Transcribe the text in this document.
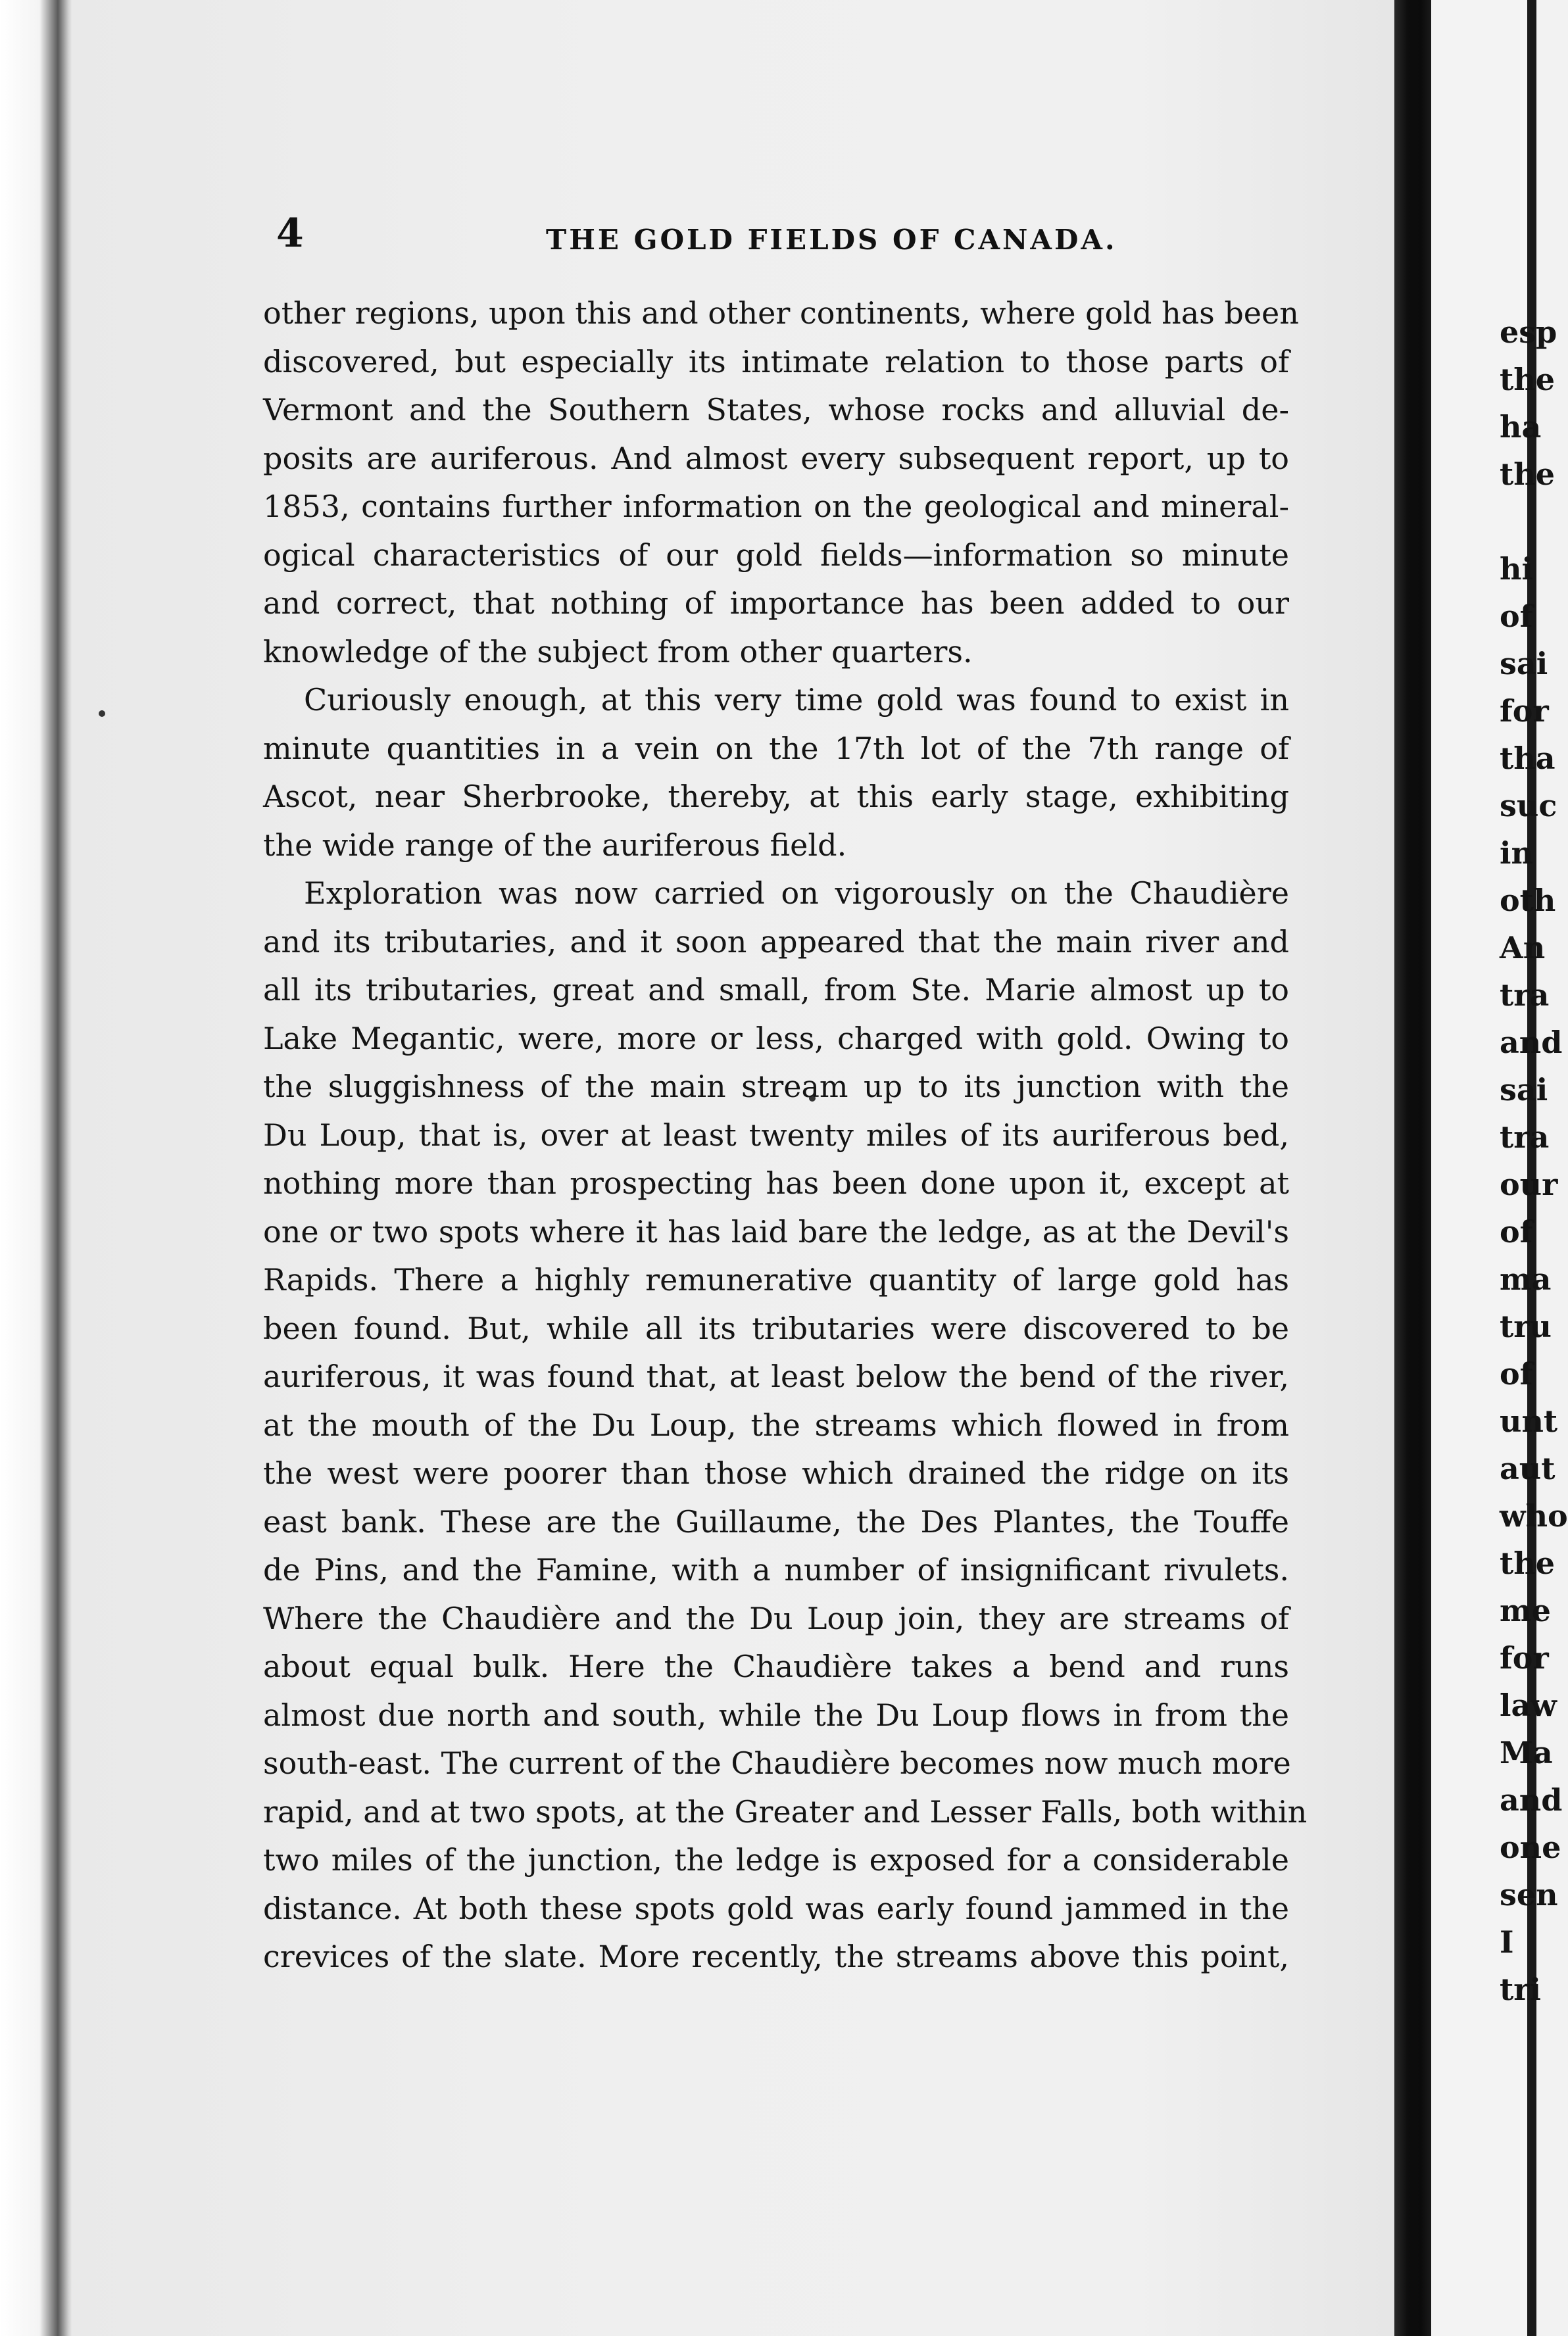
4	THE GOLD FIELDS OF CANADA.
other regions, upon this and other continents, where gold has been
discovered, but especially its intimate relation to those parts of
Vermont and the Southern States, whose rocks and alluvial de-
posits are auriferous. And almost every subsequent report, up to
1853, contains further information on the geological and mineral-
ogical characteristics of our gold fields—information so minute
and correct, that nothing of importance has been added to our
knowledge of the subject from other quarters.
Curiously enough, at this very time gold was found to exist in
minute quantities in a vein on the 17th lot of the 7th range of
Ascot, near Sherbrooke, thereby, at this early stage, exhibiting
the wide range of the auriferous field.
Exploration was now carried on vigorously on the Chaudière
and its tributaries, and it soon appeared that the main river and
all its tributaries, great and small, from Ste. Marie almost up to
Lake Megantic, were, more or less, charged with gold. Owing to
the sluggishness of the main stream up to its junction with the
Du Loup, that is, over at least twenty miles of its auriferous bed,
nothing more than prospecting has been done upon it, except at
one or two spots where it has laid bare the ledge, as at the Devil's
Rapids. There a highly remunerative quantity of large gold has
been found. But, while all its tributaries were discovered to be
auriferous, it was found that, at least below the bend of the river,
at the mouth of the Du Loup, the streams which flowed in from
the west were poorer than those which drained the ridge on its
east bank. These are the Guillaume, the Des Plantes, the Touffe
de Pins, and the Famine, with a number of insignificant rivulets.
Where the Chaudière and the Du Loup join, they are streams of
about equal bulk. Here the Chaudière takes a bend and runs
almost due north and south, while the Du Loup flows in from the
south-east. The current of the Chaudière becomes now much more
rapid, and at two spots, at the Greater and Lesser Falls, both within
two miles of the junction, the ledge is exposed for a considerable
distance. At both these spots gold was early found jammed in the
crevices of the slate. More recently, the streams above this point,
esp
the
ha
the
hi
of
sai
for
tha
suc
in
oth
An
tra
and
sai
tra
our
of
ma
tru
of
unt
aut
who
the
me
for
law
Ma
and
one
sen
I
tri
